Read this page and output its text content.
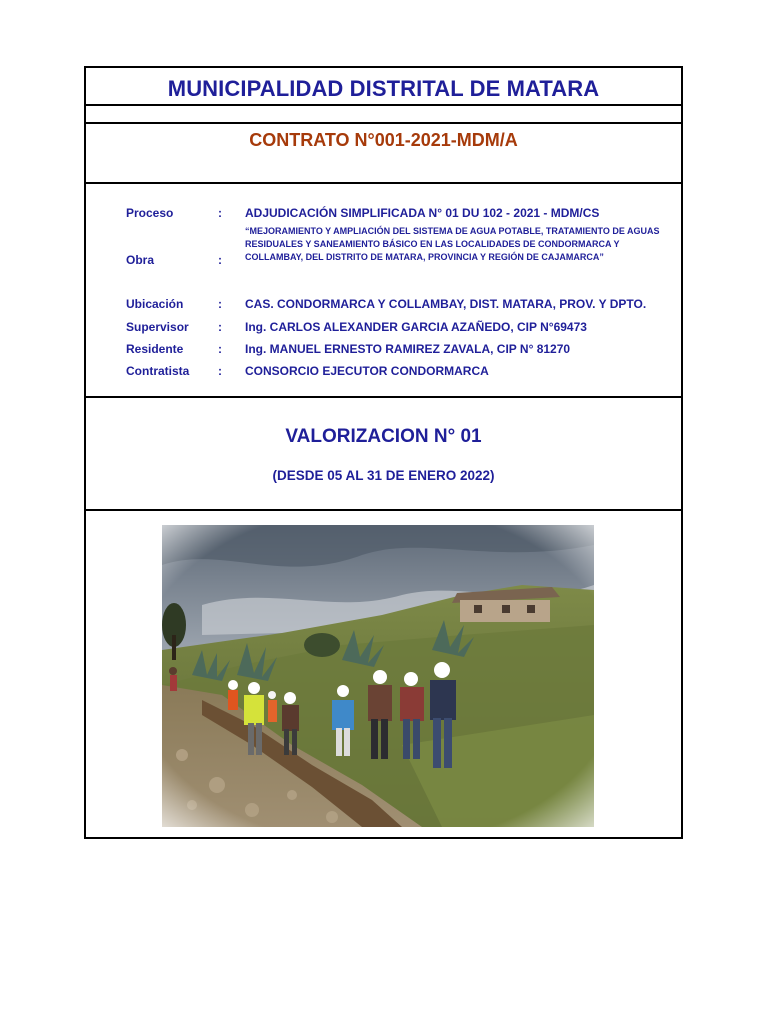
MUNICIPALIDAD DISTRITAL DE MATARA
CONTRATO N°001-2021-MDM/A
Proceso	: ADJUDICACIÓN SIMPLIFICADA N° 01 DU 102 - 2021 - MDM/CS
Obra	:
“MEJORAMIENTO Y AMPLIACIÓN DEL SISTEMA DE AGUA POTABLE, TRATAMIENTO DE AGUAS RESIDUALES Y SANEAMIENTO BÁSICO EN LAS LOCALIDADES DE CONDORMARCA Y COLLAMBAY, DEL DISTRITO DE MATARA, PROVINCIA Y REGIÓN DE CAJAMARCA”
Ubicación	: CAS. CONDORMARCA Y COLLAMBAY, DIST. MATARA, PROV. Y DPTO.
Supervisor	: Ing. CARLOS ALEXANDER GARCIA AZAÑEDO, CIP N°69473
Residente	: Ing. MANUEL ERNESTO RAMIREZ ZAVALA, CIP N° 81270
Contratista	: CONSORCIO EJECUTOR CONDORMARCA
VALORIZACION N° 01
(DESDE 05 AL 31 DE ENERO 2022)
